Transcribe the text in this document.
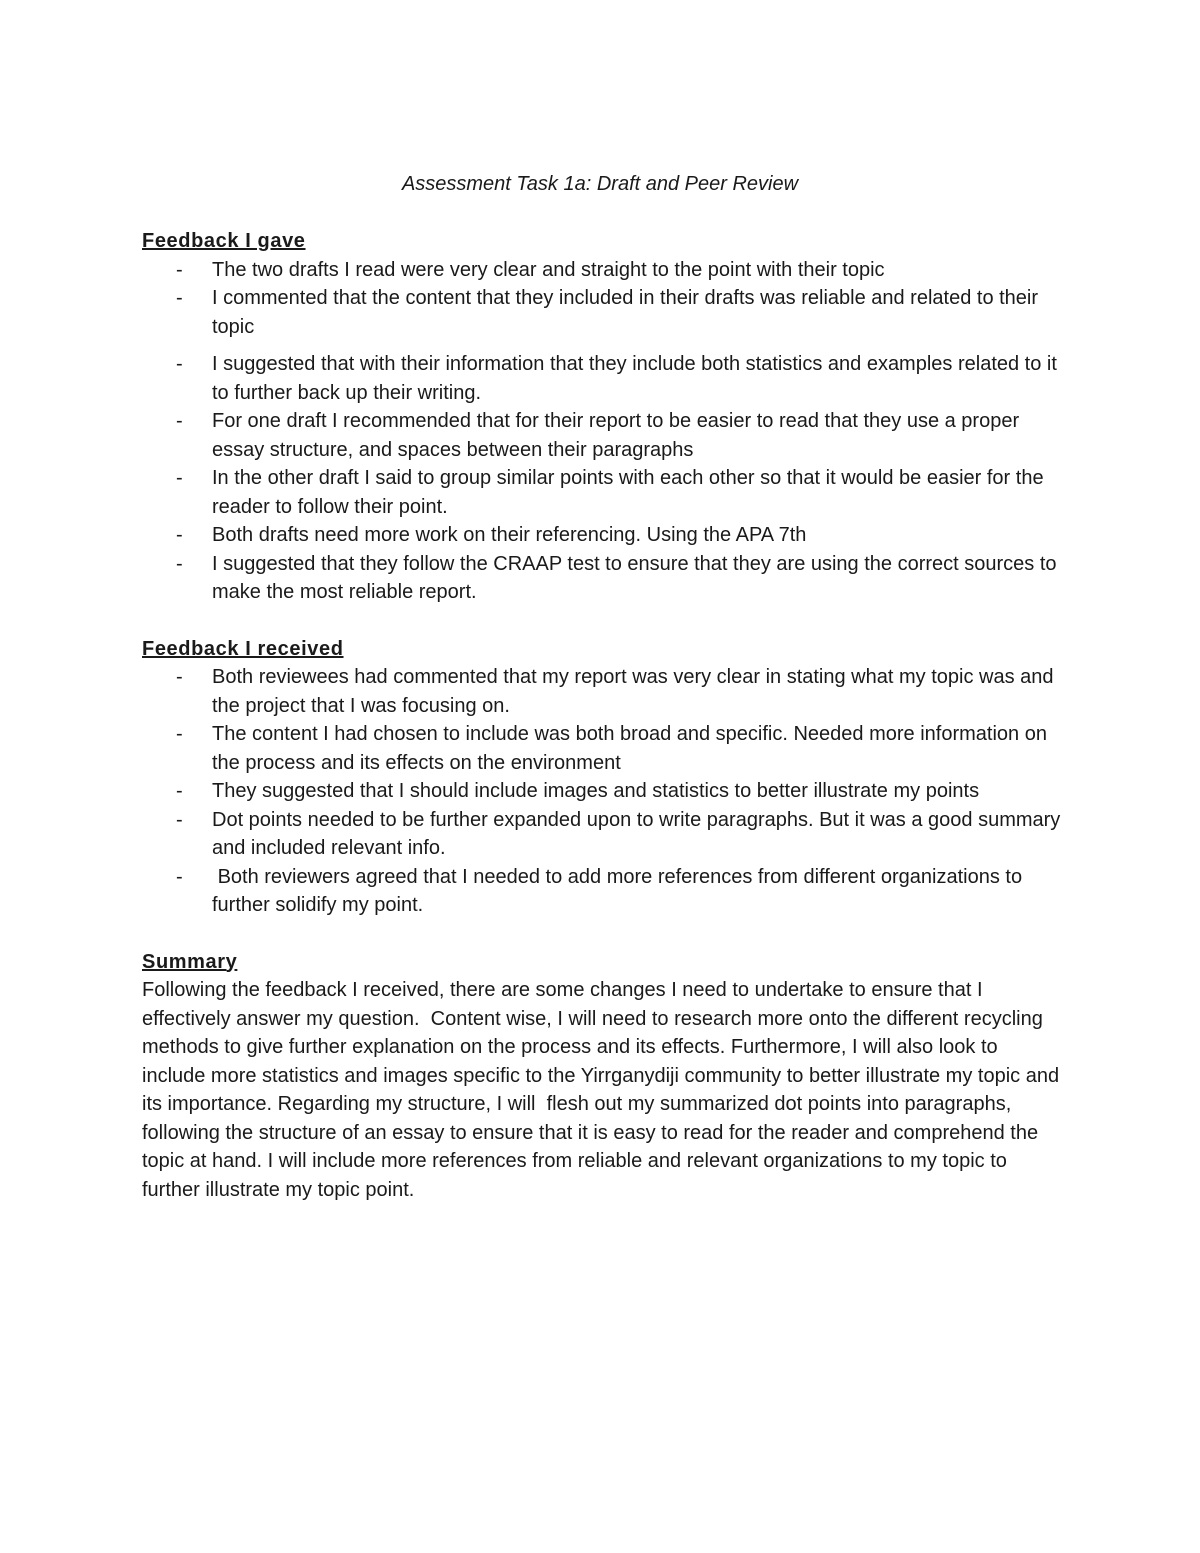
Assessment Task 1a: Draft and Peer Review

Feedback I gave

- The two drafts I read were very clear and straight to the point with their topic
- I commented that the content that they included in their drafts was reliable and related to their topic
- I suggested that with their information that they include both statistics and examples related to it to further back up their writing.
- For one draft I recommended that for their report to be easier to read that they use a proper essay structure, and spaces between their paragraphs
- In the other draft I said to group similar points with each other so that it would be easier for the reader to follow their point.
- Both drafts need more work on their referencing. Using the APA 7th
- I suggested that they follow the CRAAP test to ensure that they are using the correct sources to make the most reliable report.

Feedback I received

- Both reviewees had commented that my report was very clear in stating what my topic was and the project that I was focusing on.
- The content I had chosen to include was both broad and specific. Needed more information on the process and its effects on the environment
- They suggested that I should include images and statistics to better illustrate my points
- Dot points needed to be further expanded upon to write paragraphs. But it was a good summary and included relevant info.
- Both reviewers agreed that I needed to add more references from different organizations to further solidify my point.

Summary

Following the feedback I received, there are some changes I need to undertake to ensure that I effectively answer my question.  Content wise, I will need to research more onto the different recycling methods to give further explanation on the process and its effects. Furthermore, I will also look to include more statistics and images specific to the Yirrganydiji community to better illustrate my topic and its importance. Regarding my structure, I will  flesh out my summarized dot points into paragraphs, following the structure of an essay to ensure that it is easy to read for the reader and comprehend the topic at hand. I will include more references from reliable and relevant organizations to my topic to further illustrate my topic point.
